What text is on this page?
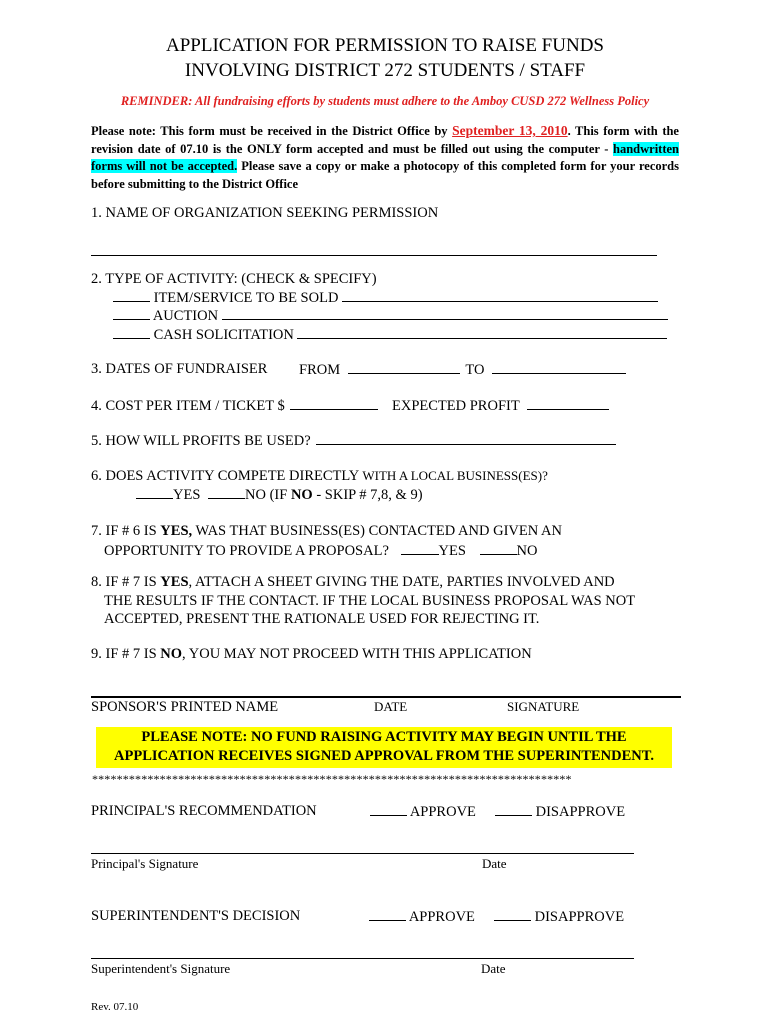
APPLICATION FOR PERMISSION TO RAISE FUNDS
INVOLVING DISTRICT 272 STUDENTS / STAFF
REMINDER: All fundraising efforts by students must adhere to the Amboy CUSD 272 Wellness Policy
Please note: This form must be received in the District Office by September 13, 2010. This form with the revision date of 07.10 is the ONLY form accepted and must be filled out using the computer - handwritten forms will not be accepted. Please save a copy or make a photocopy of this completed form for your records before submitting to the District Office
1. NAME OF ORGANIZATION SEEKING PERMISSION
2. TYPE OF ACTIVITY: (CHECK & SPECIFY)
ITEM/SERVICE TO BE SOLD
AUCTION
CASH SOLICITATION
3. DATES OF FUNDRAISER FROM	TO
4. COST PER ITEM / TICKET $	EXPECTED PROFIT
5. HOW WILL PROFITS BE USED?
6. DOES ACTIVITY COMPETE DIRECTLY WITH A LOCAL BUSINESS(ES)?
YES	NO (IF NO - SKIP # 7,8, & 9)
7. IF # 6 IS YES, WAS THAT BUSINESS(ES) CONTACTED AND GIVEN AN
OPPORTUNITY TO PROVIDE A PROPOSAL?	YES	NO
8. IF # 7 IS YES, ATTACH A SHEET GIVING THE DATE, PARTIES INVOLVED AND
THE RESULTS IF THE CONTACT. IF THE LOCAL BUSINESS PROPOSAL WAS NOT
ACCEPTED, PRESENT THE RATIONALE USED FOR REJECTING IT.
9. IF # 7 IS NO, YOU MAY NOT PROCEED WITH THIS APPLICATION
SPONSOR'S PRINTED NAME	DATE	SIGNATURE
PLEASE NOTE: NO FUND RAISING ACTIVITY MAY BEGIN UNTIL THE
APPLICATION RECEIVES SIGNED APPROVAL FROM THE SUPERINTENDENT.
******************************************************************************
PRINCIPAL'S RECOMMENDATION	APPROVE	DISAPPROVE
Principal's Signature	Date
SUPERINTENDENT'S DECISION	APPROVE	DISAPPROVE
Superintendent's Signature	Date
Rev. 07.10
